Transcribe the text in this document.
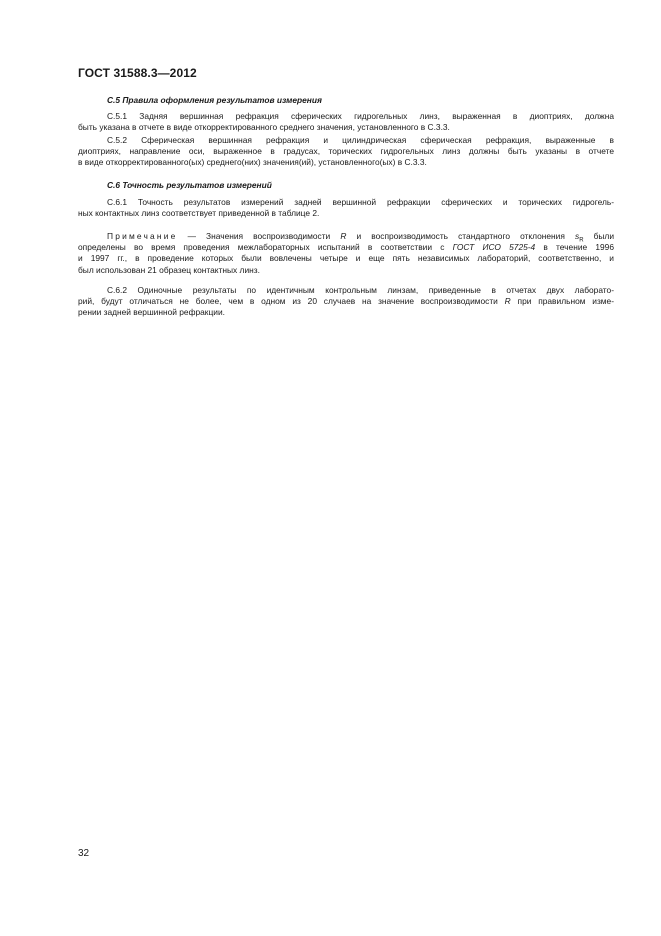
ГОСТ 31588.3—2012
С.5 Правила оформления результатов измерения
С.5.1 Задняя вершинная рефракция сферических гидрогельных линз, выраженная в диоптриях, должна
быть указана в отчете в виде откорректированного среднего значения, установленного в С.3.3.
С.5.2 Сферическая вершинная рефракция и цилиндрическая сферическая рефракция, выраженные в
диоптриях, направление оси, выраженное в градусах, торических гидрогельных линз должны быть указаны в отчете
в виде откорректированного(ых) среднего(них) значения(ий), установленного(ых) в С.3.3.
С.6 Точность результатов измерений
С.6.1 Точность результатов измерений задней вершинной рефракции сферических и торических гидрогель-
ных контактных линз соответствует приведенной в таблице 2.
Примечание — Значения воспроизводимости R и воспроизводимость стандартного отклонения $s_R$ были
определены во время проведения межлабораторных испытаний в соответствии с ГОСТ ИСО 5725-4 в течение 1996
и 1997 гг., в проведение которых были вовлечены четыре и еще пять независимых лабораторий, соответственно, и
был использован 21 образец контактных линз.
С.6.2 Одиночные результаты по идентичным контрольным линзам, приведенные в отчетах двух лаборато-
рий, будут отличаться не более, чем в одном из 20 случаев на значение воспроизводимости R при правильном изме-
рении задней вершинной рефракции.
32
